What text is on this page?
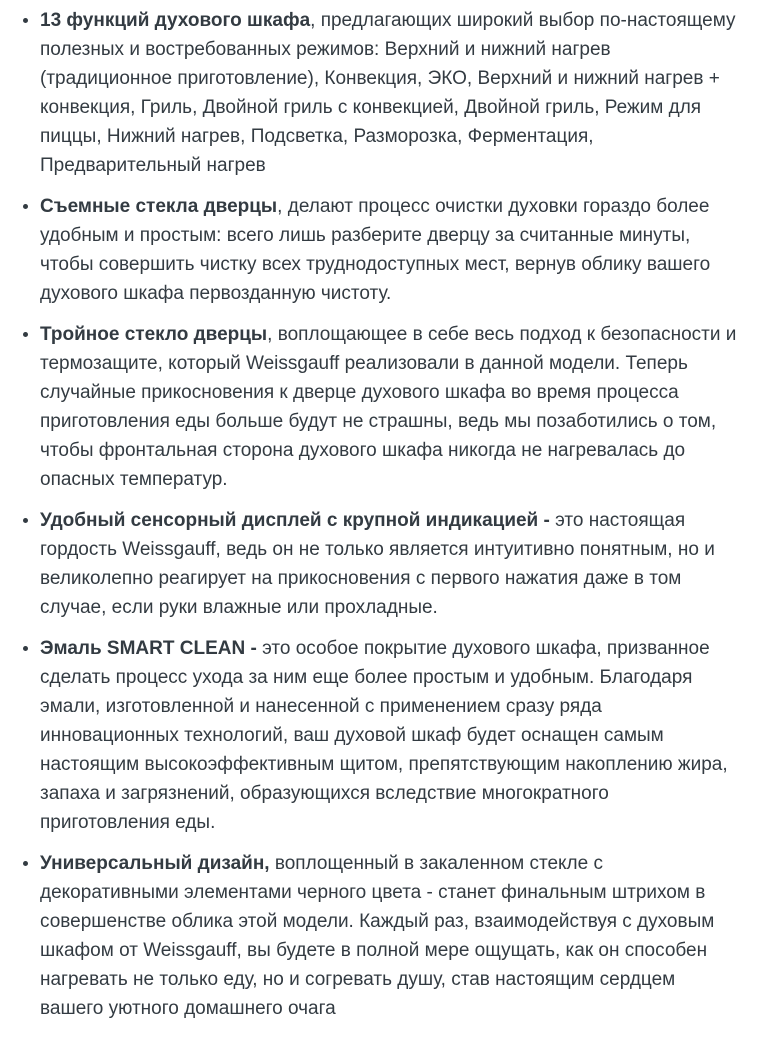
13 функций духового шкафа, предлагающих широкий выбор по-настоящему полезных и востребованных режимов: Верхний и нижний нагрев (традиционное приготовление), Конвекция, ЭКО, Верхний и нижний нагрев + конвекция, Гриль, Двойной гриль с конвекцией, Двойной гриль, Режим для пиццы, Нижний нагрев, Подсветка, Разморозка, Ферментация, Предварительный нагрев
Съемные стекла дверцы, делают процесс очистки духовки гораздо более удобным и простым: всего лишь разберите дверцу за считанные минуты, чтобы совершить чистку всех труднодоступных мест, вернув облику вашего духового шкафа первозданную чистоту.
Тройное стекло дверцы, воплощающее в себе весь подход к безопасности и термозащите, который Weissgauff реализовали в данной модели. Теперь случайные прикосновения к дверце духового шкафа во время процесса приготовления еды больше будут не страшны, ведь мы позаботились о том, чтобы фронтальная сторона духового шкафа никогда не нагревалась до опасных температур.
Удобный сенсорный дисплей с крупной индикацией - это настоящая гордость Weissgauff, ведь он не только является интуитивно понятным, но и великолепно реагирует на прикосновения с первого нажатия даже в том случае, если руки влажные или прохладные.
Эмаль SMART CLEAN - это особое покрытие духового шкафа, призванное сделать процесс ухода за ним еще более простым и удобным. Благодаря эмали, изготовленной и нанесенной с применением сразу ряда инновационных технологий, ваш духовой шкаф будет оснащен самым настоящим высокоэффективным щитом, препятствующим накоплению жира, запаха и загрязнений, образующихся вследствие многократного приготовления еды.
Универсальный дизайн, воплощенный в закаленном стекле с декоративными элементами черного цвета - станет финальным штрихом в совершенстве облика этой модели. Каждый раз, взаимодействуя с духовым шкафом от Weissgauff, вы будете в полной мере ощущать, как он способен нагревать не только еду, но и согревать душу, став настоящим сердцем вашего уютного домашнего очага
